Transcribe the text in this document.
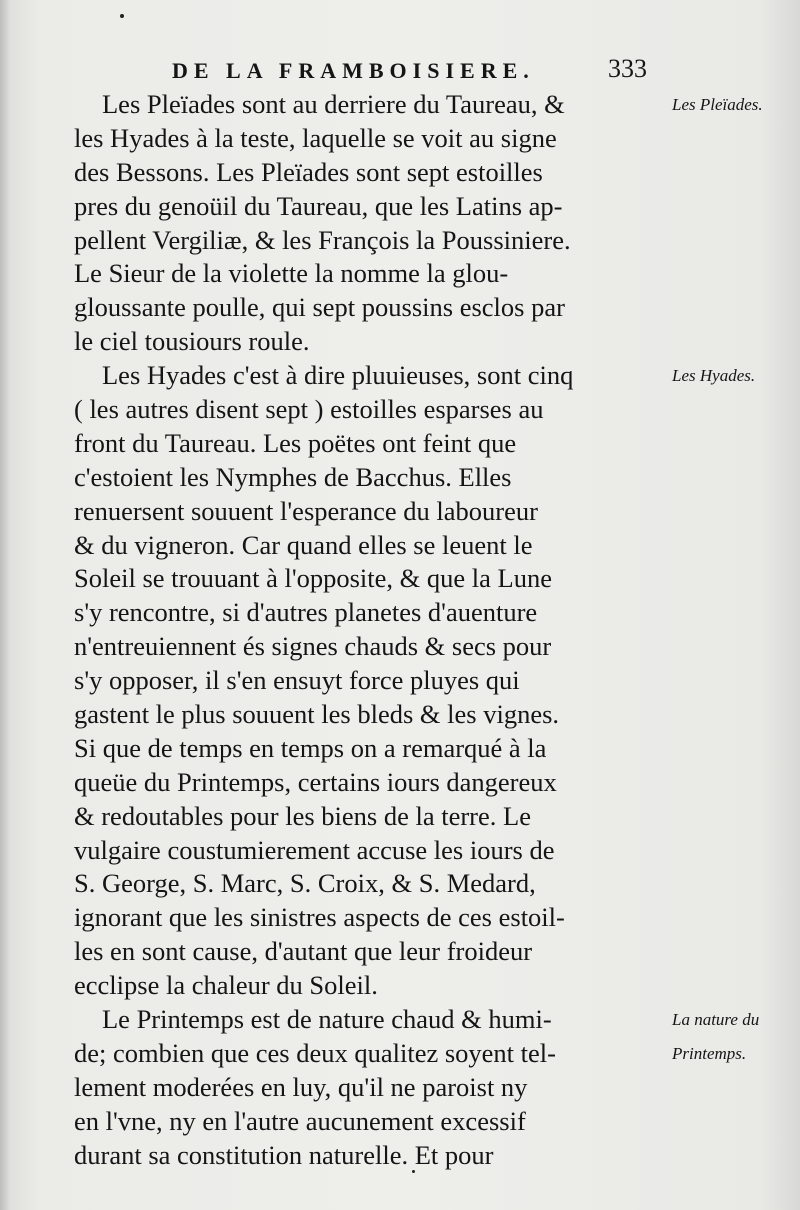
DE LA FRAMBOISIERE.	333
Les Pleïades sont au derriere du Taureau, &
les Hyades à la teste, laquelle se voit au signe
des Bessons. Les Pleïades sont sept estoilles
pres du genoüil du Taureau, que les Latins ap-
pellent Vergiliæ, & les François la Poussiniere.
Le Sieur de la violette la nomme la glou-
gloussante poulle, qui sept poussins esclos par
le ciel tousiours roule.
Les Hyades c'est à dire pluuieuses, sont cinq
( les autres disent sept ) estoilles esparses au
front du Taureau. Les poëtes ont feint que
c'estoient les Nymphes de Bacchus. Elles
renuersent souuent l'esperance du laboureur
& du vigneron. Car quand elles se leuent le
Soleil se trouuant à l'opposite, & que la Lune
s'y rencontre, si d'autres planetes d'auenture
n'entreuiennent és signes chauds & secs pour
s'y opposer, il s'en ensuyt force pluyes qui
gastent le plus souuent les bleds & les vignes.
Si que de temps en temps on a remarqué à la
queüe du Printemps, certains iours dangereux
& redoutables pour les biens de la terre. Le
vulgaire coustumierement accuse les iours de
S. George, S. Marc, S. Croix, & S. Medard,
ignorant que les sinistres aspects de ces estoil-
les en sont cause, d'autant que leur froideur
ecclipse la chaleur du Soleil.
Le Printemps est de nature chaud & humi-
de; combien que ces deux qualitez soyent tel-
lement moderées en luy, qu'il ne paroist ny
en l'vne, ny en l'autre aucunement excessif
durant sa constitution naturelle. Et pour
Les Pleïades.
Les Hyades.
La nature du
Printemps.
